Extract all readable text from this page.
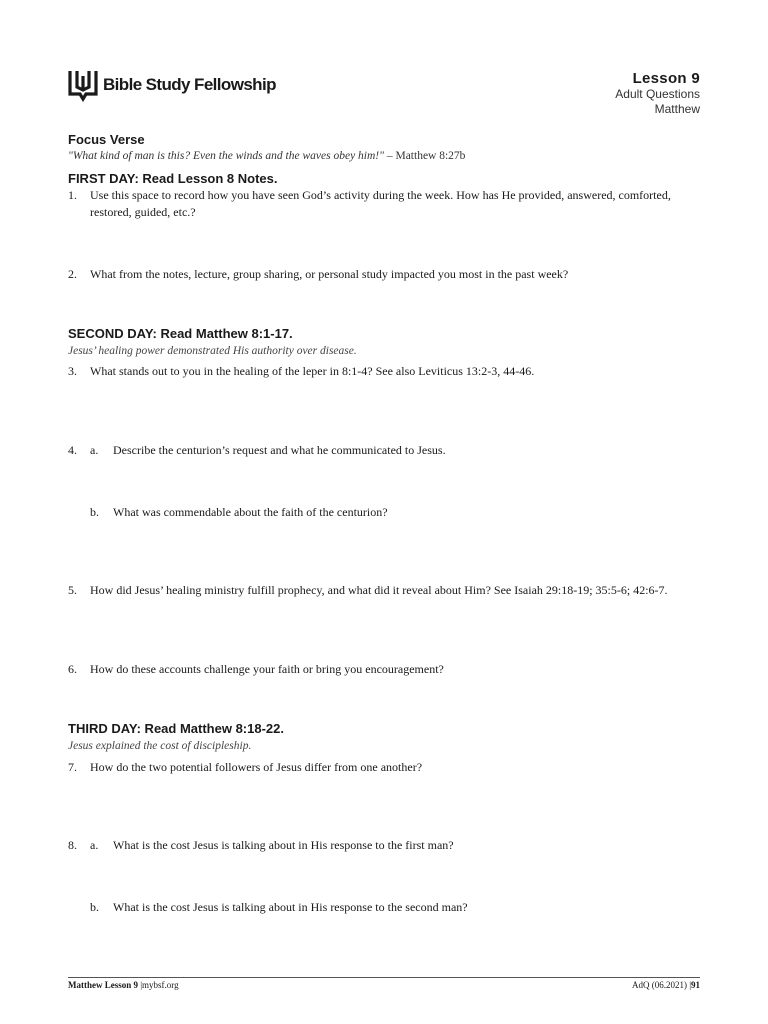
Bible Study Fellowship	Lesson 9
Adult Questions
Matthew
Focus Verse
"What kind of man is this? Even the winds and the waves obey him!" – Matthew 8:27b
FIRST DAY: Read Lesson 8 Notes.
1.	Use this space to record how you have seen God’s activity during the week. How has He provided, answered, comforted, restored, guided, etc.?
2.	What from the notes, lecture, group sharing, or personal study impacted you most in the past week?
SECOND DAY: Read Matthew 8:1-17.
Jesus’ healing power demonstrated His authority over disease.
3.	What stands out to you in the healing of the leper in 8:1-4? See also Leviticus 13:2-3, 44-46.
4.	a.	Describe the centurion’s request and what he communicated to Jesus.
b.	What was commendable about the faith of the centurion?
5.	How did Jesus’ healing ministry fulfill prophecy, and what did it reveal about Him? See Isaiah 29:18-19; 35:5-6; 42:6-7.
6.	How do these accounts challenge your faith or bring you encouragement?
THIRD DAY: Read Matthew 8:18-22.
Jesus explained the cost of discipleship.
7.	How do the two potential followers of Jesus differ from one another?
8.	a.	What is the cost Jesus is talking about in His response to the first man?
b.	What is the cost Jesus is talking about in His response to the second man?
Matthew Lesson 9 |mybsf.org	AdQ (06.2021) |91
